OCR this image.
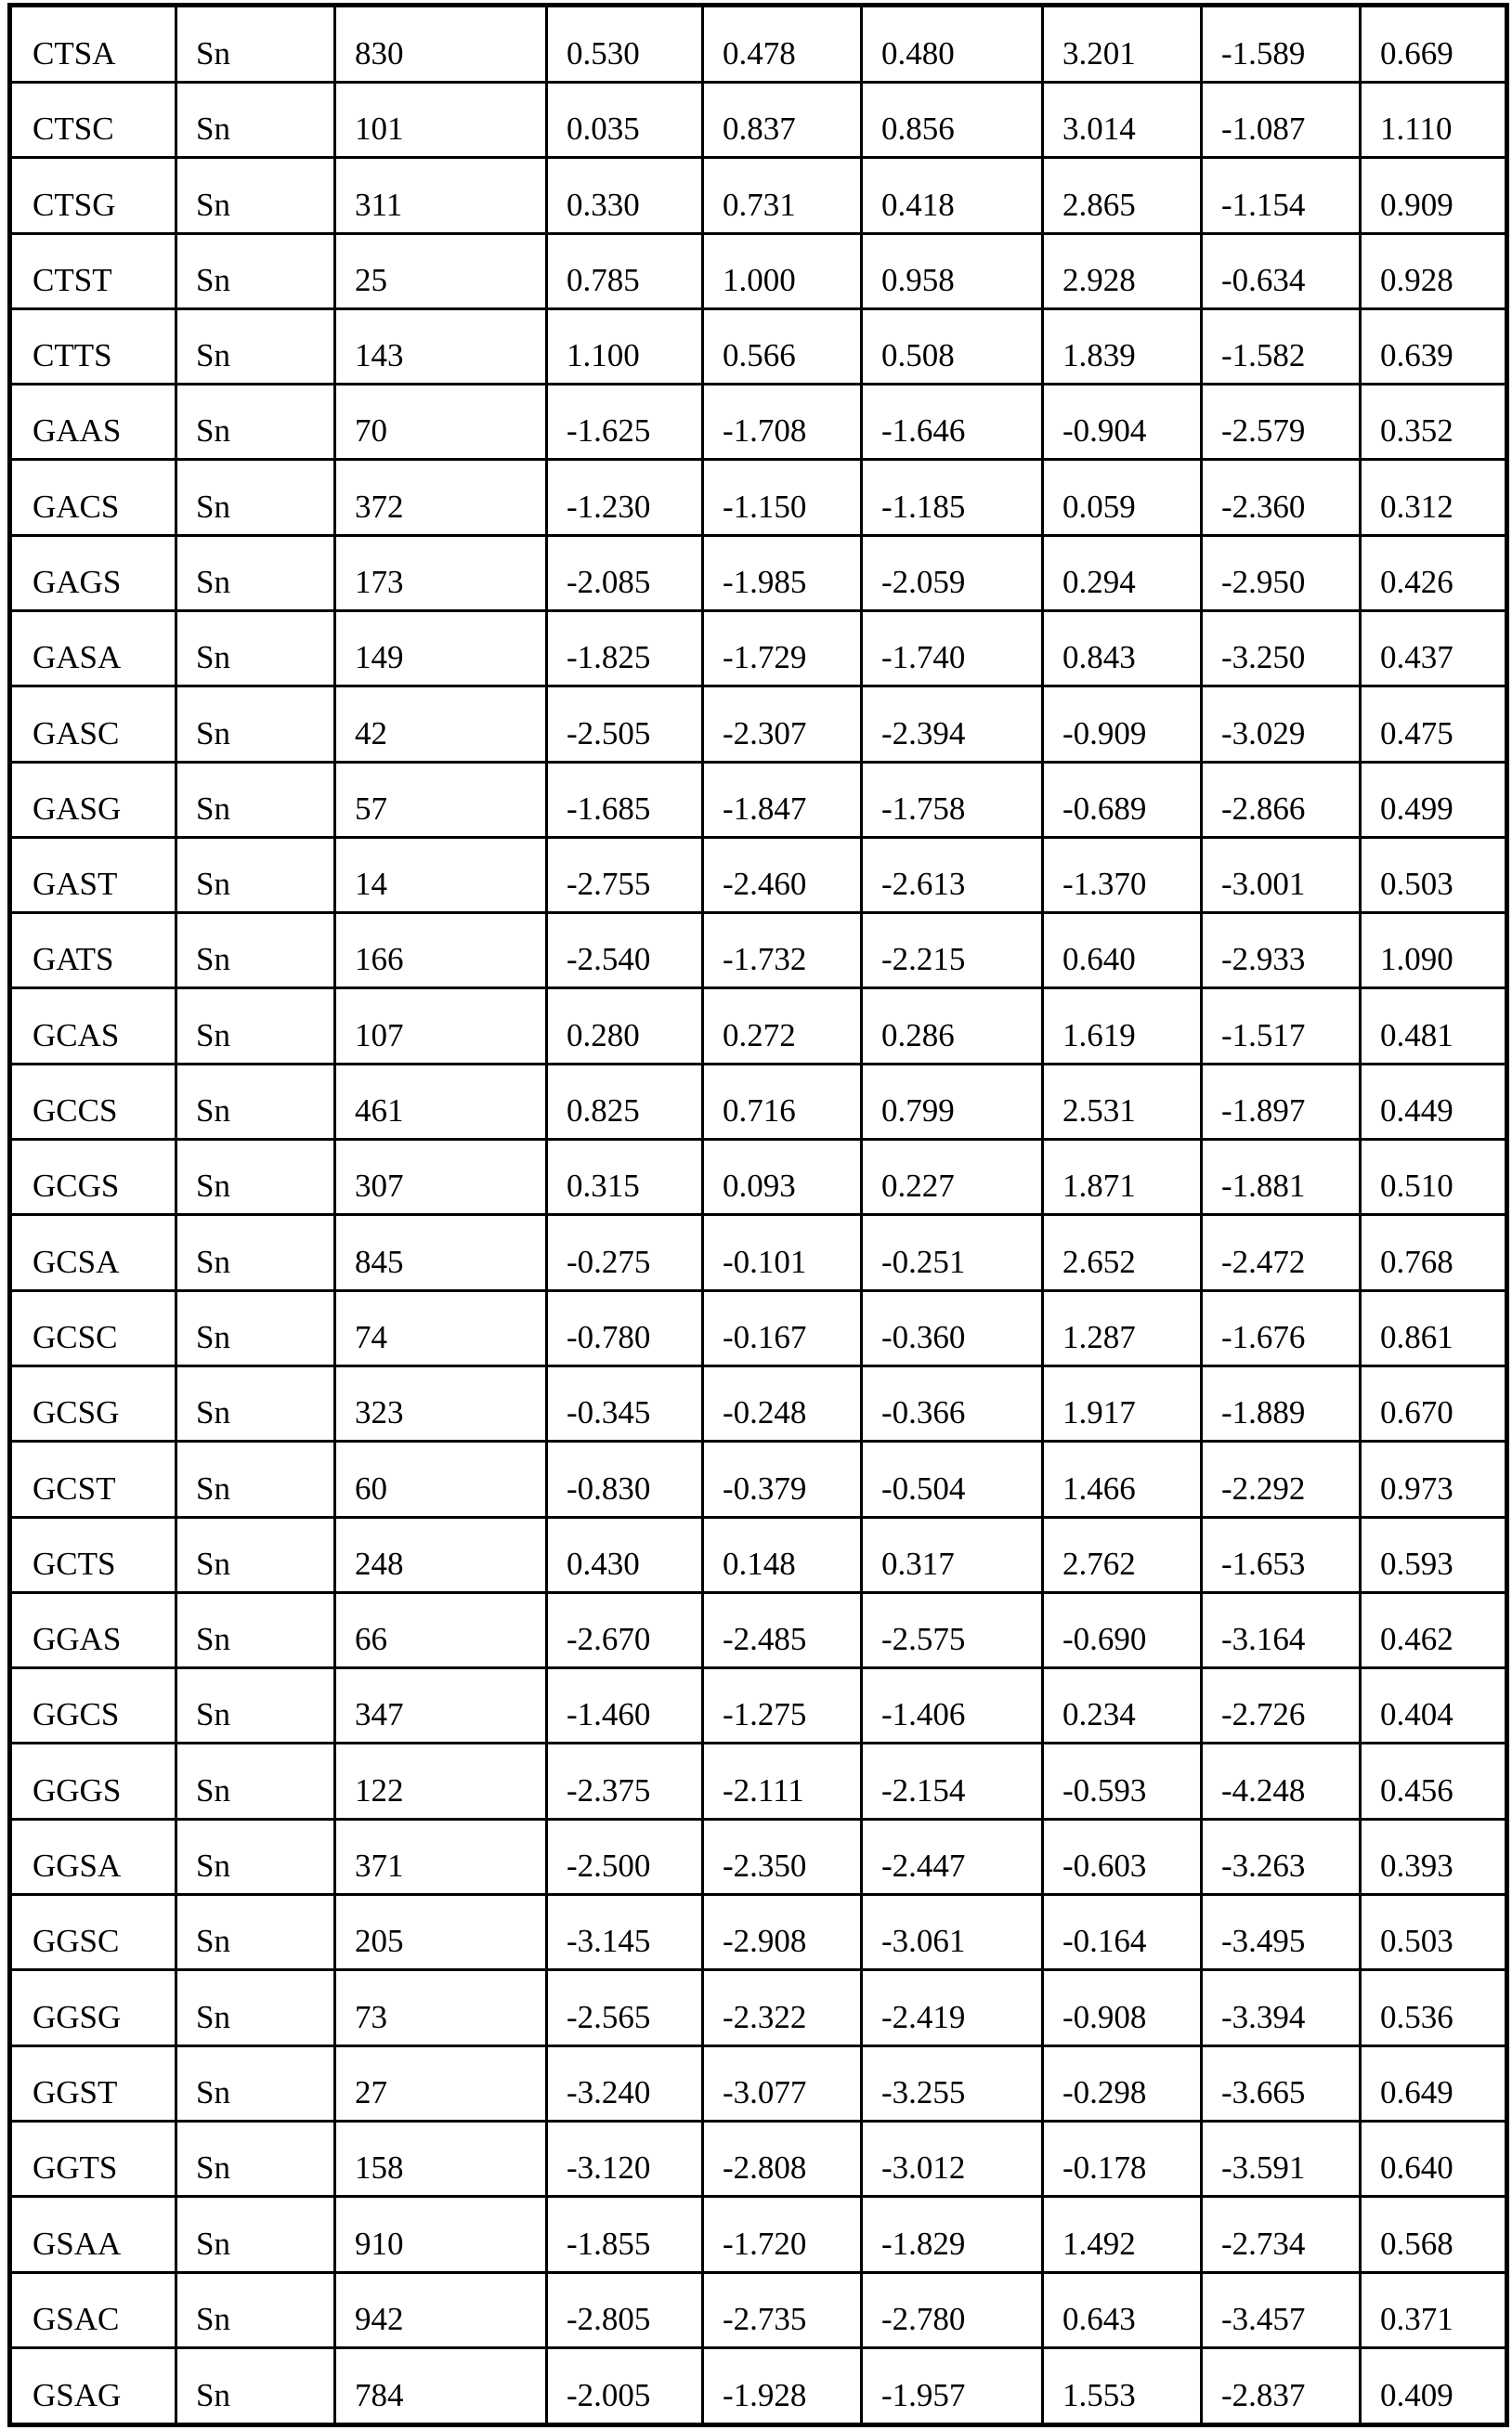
CTSA	Sn	830	0.530	0.478	0.480	3.201	-1.589	0.669
CTSC	Sn	101	0.035	0.837	0.856	3.014	-1.087	1.110
CTSG	Sn	311	0.330	0.731	0.418	2.865	-1.154	0.909
CTST	Sn	25	0.785	1.000	0.958	2.928	-0.634	0.928
CTTS	Sn	143	1.100	0.566	0.508	1.839	-1.582	0.639
GAAS	Sn	70	-1.625	-1.708	-1.646	-0.904	-2.579	0.352
GACS	Sn	372	-1.230	-1.150	-1.185	0.059	-2.360	0.312
GAGS	Sn	173	-2.085	-1.985	-2.059	0.294	-2.950	0.426
GASA	Sn	149	-1.825	-1.729	-1.740	0.843	-3.250	0.437
GASC	Sn	42	-2.505	-2.307	-2.394	-0.909	-3.029	0.475
GASG	Sn	57	-1.685	-1.847	-1.758	-0.689	-2.866	0.499
GAST	Sn	14	-2.755	-2.460	-2.613	-1.370	-3.001	0.503
GATS	Sn	166	-2.540	-1.732	-2.215	0.640	-2.933	1.090
GCAS	Sn	107	0.280	0.272	0.286	1.619	-1.517	0.481
GCCS	Sn	461	0.825	0.716	0.799	2.531	-1.897	0.449
GCGS	Sn	307	0.315	0.093	0.227	1.871	-1.881	0.510
GCSA	Sn	845	-0.275	-0.101	-0.251	2.652	-2.472	0.768
GCSC	Sn	74	-0.780	-0.167	-0.360	1.287	-1.676	0.861
GCSG	Sn	323	-0.345	-0.248	-0.366	1.917	-1.889	0.670
GCST	Sn	60	-0.830	-0.379	-0.504	1.466	-2.292	0.973
GCTS	Sn	248	0.430	0.148	0.317	2.762	-1.653	0.593
GGAS	Sn	66	-2.670	-2.485	-2.575	-0.690	-3.164	0.462
GGCS	Sn	347	-1.460	-1.275	-1.406	0.234	-2.726	0.404
GGGS	Sn	122	-2.375	-2.111	-2.154	-0.593	-4.248	0.456
GGSA	Sn	371	-2.500	-2.350	-2.447	-0.603	-3.263	0.393
GGSC	Sn	205	-3.145	-2.908	-3.061	-0.164	-3.495	0.503
GGSG	Sn	73	-2.565	-2.322	-2.419	-0.908	-3.394	0.536
GGST	Sn	27	-3.240	-3.077	-3.255	-0.298	-3.665	0.649
GGTS	Sn	158	-3.120	-2.808	-3.012	-0.178	-3.591	0.640
GSAA	Sn	910	-1.855	-1.720	-1.829	1.492	-2.734	0.568
GSAC	Sn	942	-2.805	-2.735	-2.780	0.643	-3.457	0.371
GSAG	Sn	784	-2.005	-1.928	-1.957	1.553	-2.837	0.409
